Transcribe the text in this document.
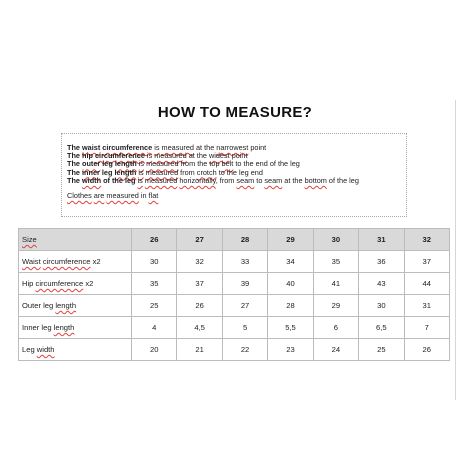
HOW TO MEASURE?
The waist circumference is measured at the narrowest point
The hip circumference is measured at the widest point
The outer leg length is measured from the top belt to the end of the leg
The inner leg length is measured from crotch to the leg end
The width of the leg is measured horizontally, from seam to seam at the bottom of the leg
Clothes are measured in flat
Size	26	27	28	29	30	31	32
Waist circumference x2	30	32	33	34	35	36	37
Hip circumference x2	35	37	39	40	41	43	44
Outer leg length	25	26	27	28	29	30	31
Inner leg length	4	4,5	5	5,5	6	6,5	7
Leg width	20	21	22	23	24	25	26
